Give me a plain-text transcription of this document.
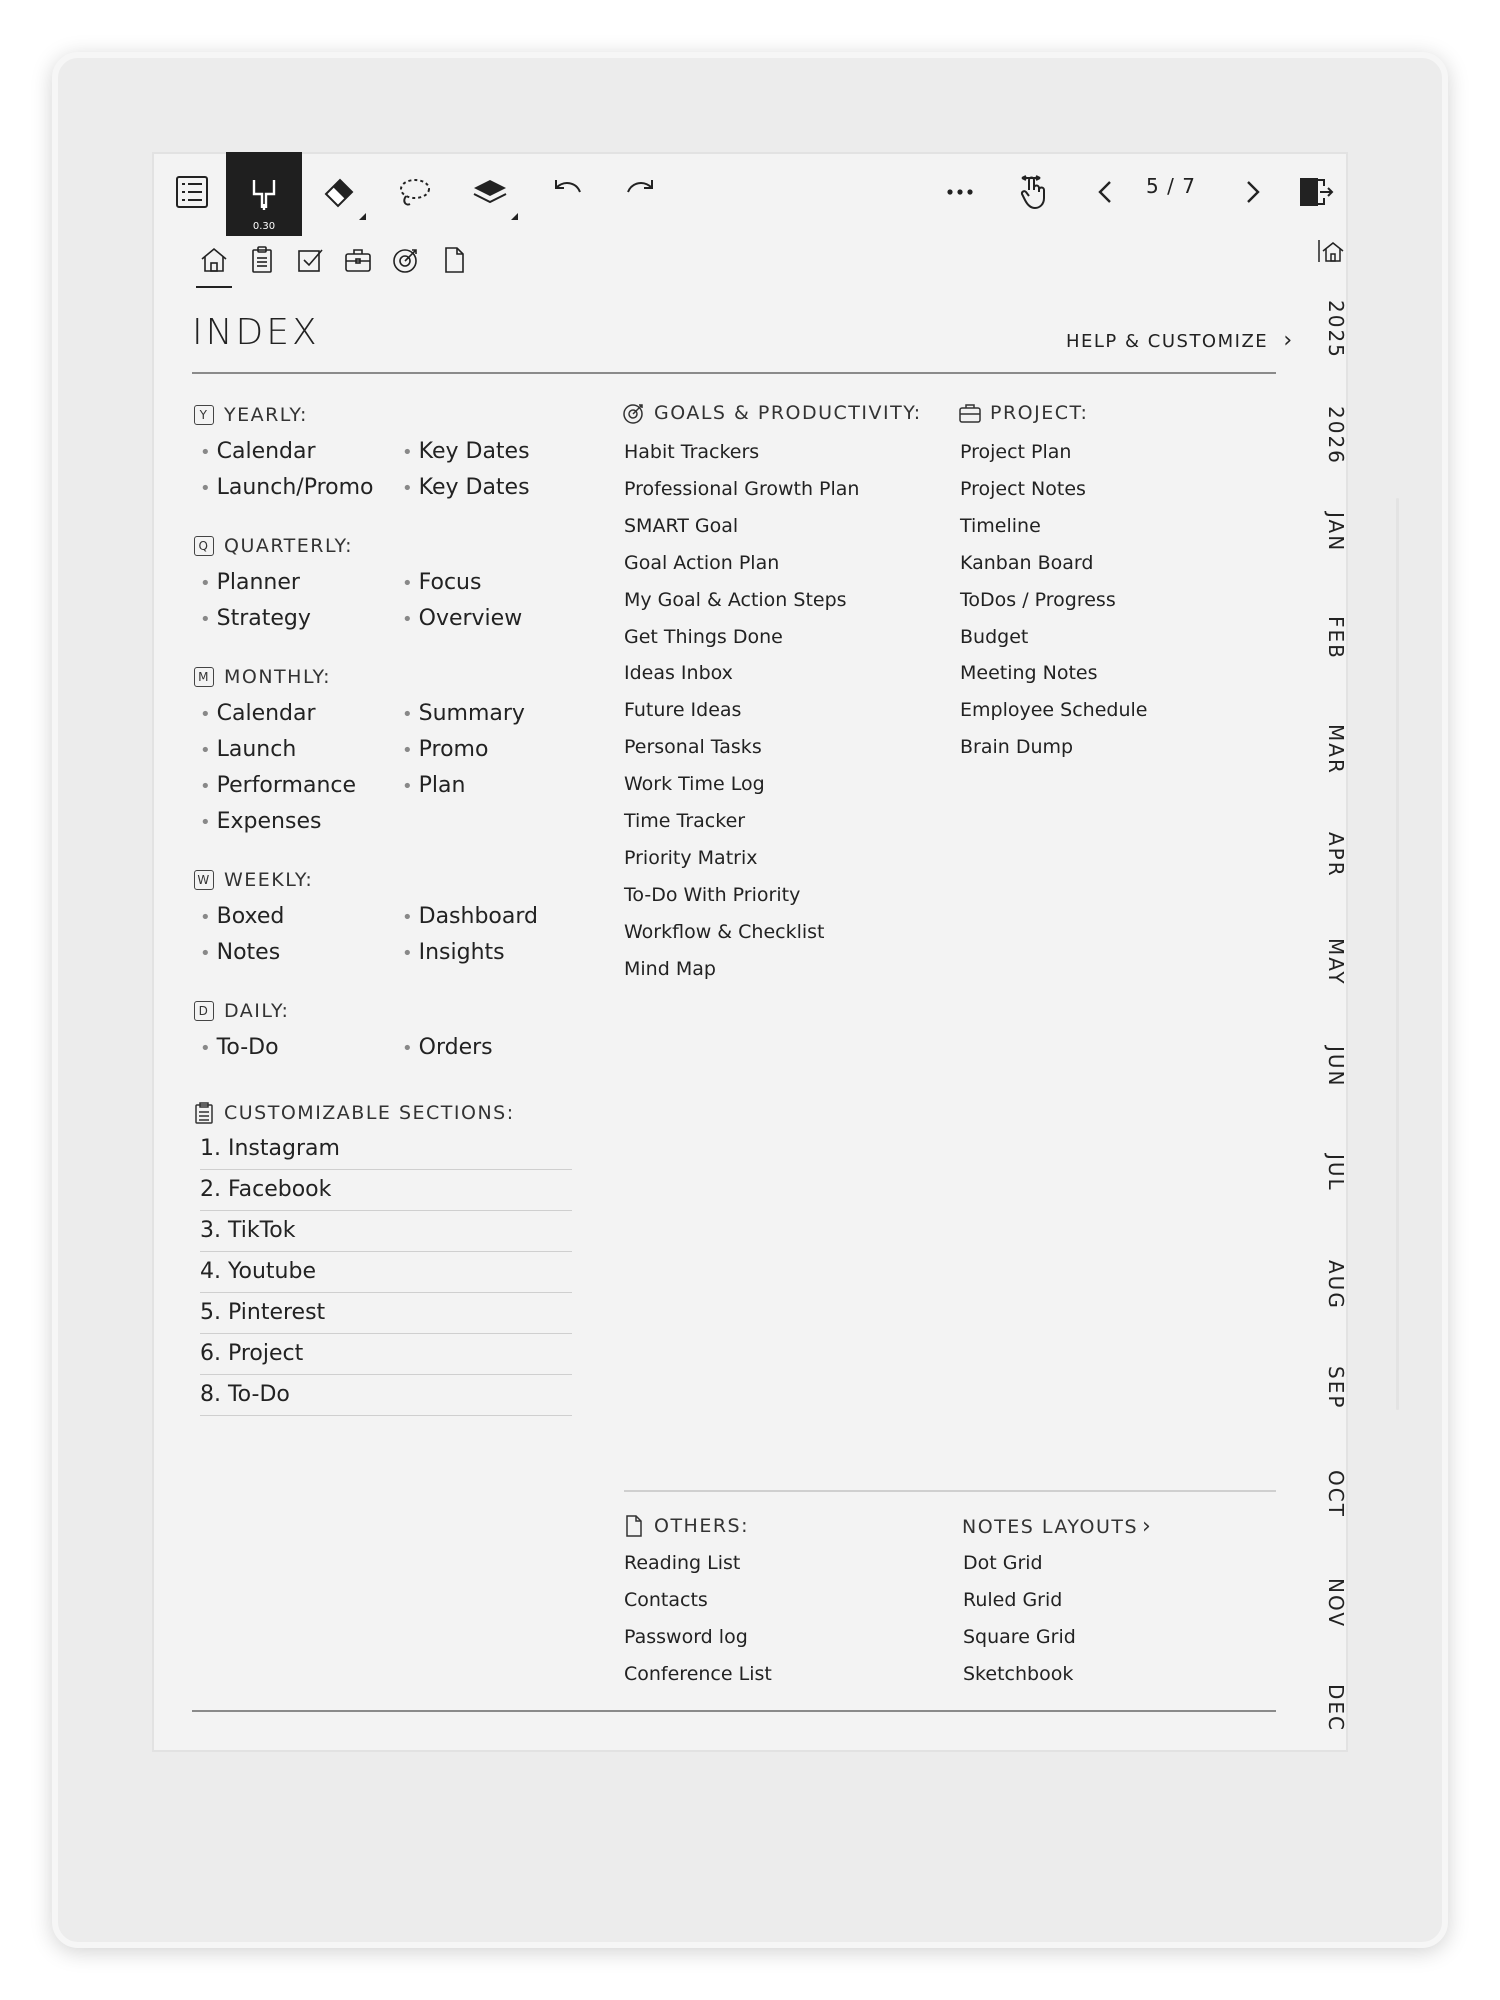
0.30
5 / 7
INDEX	HELP & CUSTOMIZE ›
Y YEARLY:
• Calendar	• Key Dates
• Launch/Promo	• Key Dates
Q QUARTERLY:
• Planner	• Focus
• Strategy	• Overview
M MONTHLY:
• Calendar	• Summary
• Launch	• Promo
• Performance	• Plan
• Expenses
W WEEKLY:
• Boxed	• Dashboard
• Notes	• Insights
D DAILY:
• To-Do	• Orders
CUSTOMIZABLE SECTIONS:
1. Instagram
2. Facebook
3. TikTok
4. Youtube
5. Pinterest
6. Project
8. To-Do
GOALS & PRODUCTIVITY:
Habit Trackers
Professional Growth Plan
SMART Goal
Goal Action Plan
My Goal & Action Steps
Get Things Done
Ideas Inbox
Future Ideas
Personal Tasks
Work Time Log
Time Tracker
Priority Matrix
To-Do With Priority
Workflow & Checklist
Mind Map
PROJECT:
Project Plan
Project Notes
Timeline
Kanban Board
ToDos / Progress
Budget
Meeting Notes
Employee Schedule
Brain Dump
OTHERS:
Reading List
Contacts
Password log
Conference List
NOTES LAYOUTS ›
Dot Grid
Ruled Grid
Square Grid
Sketchbook
2025
2026
JAN
FEB
MAR
APR
MAY
JUN
JUL
AUG
SEP
OCT
NOV
DEC
